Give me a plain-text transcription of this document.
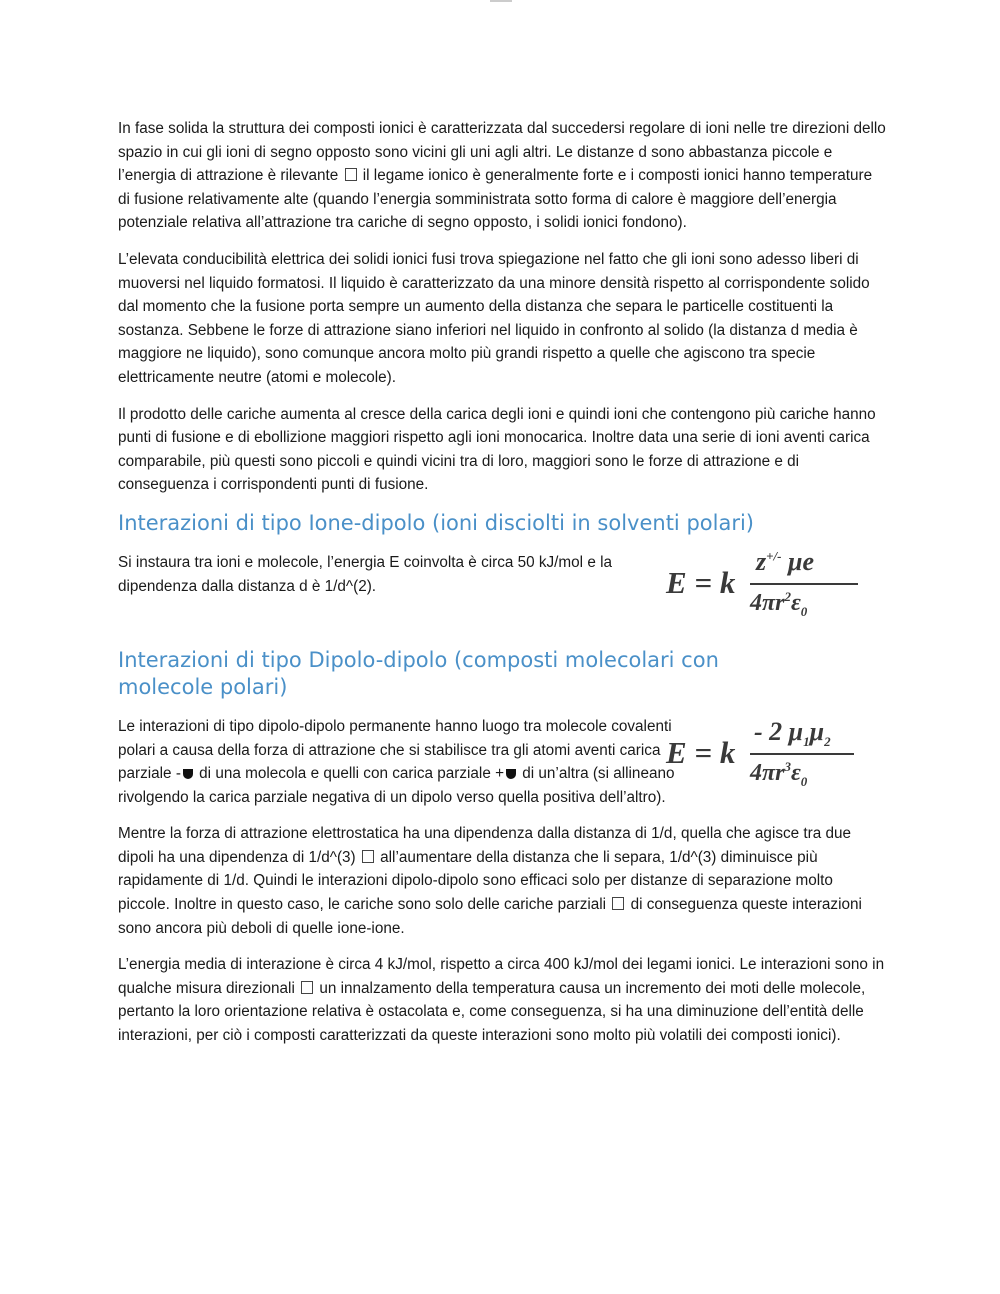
In fase solida la struttura dei composti ionici è caratterizzata dal succedersi regolare di ioni nelle tre direzioni dello spazio in cui gli ioni di segno opposto sono vicini gli uni agli altri. Le distanze d sono abbastanza piccole e l’energia di attrazione è rilevante il legame ionico è generalmente forte e i composti ionici hanno temperature di fusione relativamente alte (quando l’energia somministrata sotto forma di calore è maggiore dell’energia potenziale relativa all’attrazione tra cariche di segno opposto, i solidi ionici fondono).

L’elevata conducibilità elettrica dei solidi ionici fusi trova spiegazione nel fatto che gli ioni sono adesso liberi di muoversi nel liquido formatosi. Il liquido è caratterizzato da una minore densità rispetto al corrispondente solido dal momento che la fusione porta sempre un aumento della distanza che separa le particelle costituenti la sostanza. Sebbene le forze di attrazione siano inferiori nel liquido in confronto al solido (la distanza d media è maggiore ne liquido), sono comunque ancora molto più grandi rispetto a quelle che agiscono tra specie elettricamente neutre (atomi e molecole).

Il prodotto delle cariche aumenta al cresce della carica degli ioni e quindi ioni che contengono più cariche hanno punti di fusione e di ebollizione maggiori rispetto agli ioni monocarica. Inoltre data una serie di ioni aventi carica comparabile, più questi sono piccoli e quindi vicini tra di loro, maggiori sono le forze di attrazione e di conseguenza i corrispondenti punti di fusione.

Interazioni di tipo Ione-dipolo (ioni disciolti in solventi polari)

Si instaura tra ioni e molecole, l’energia E coinvolta è circa 50 kJ/mol e la dipendenza dalla distanza d è 1/d^(2).	E = k
z+/- μe
$4\pi r^2\varepsilon_0$
Interazioni di tipo Dipolo-dipolo (composti molecolari con
molecole polari)

Le interazioni di tipo dipolo-dipolo permanente hanno luogo tra molecole covalenti polari a causa della forza di attrazione che si stabilisce tra gli atomi aventi carica parziale - di una molecola e quelli con carica parziale + di un’altra (si allineano rivolgendo la carica parziale negativa di un dipolo verso quella positiva dell’altro).

E = k
- 2 $\mu_1\mu_2$
$4\pi r^3\varepsilon_0$

Mentre la forza di attrazione elettrostatica ha una dipendenza dalla distanza di 1/d, quella che agisce tra due dipoli ha una dipendenza di 1/d^(3) all’aumentare della distanza che li separa, 1/d^(3) diminuisce più rapidamente di 1/d. Quindi le interazioni dipolo-dipolo sono efficaci solo per distanze di separazione molto piccole. Inoltre in questo caso, le cariche sono solo delle cariche parziali di conseguenza queste interazioni sono ancora più deboli di quelle ione-ione.

L’energia media di interazione è circa 4 kJ/mol, rispetto a circa 400 kJ/mol dei legami ionici. Le interazioni sono in qualche misura direzionali un innalzamento della temperatura causa un incremento dei moti delle molecole, pertanto la loro orientazione relativa è ostacolata e, come conseguenza, si ha una diminuzione dell’entità delle interazioni, per ciò i composti caratterizzati da queste interazioni sono molto più volatili dei composti ionici).
